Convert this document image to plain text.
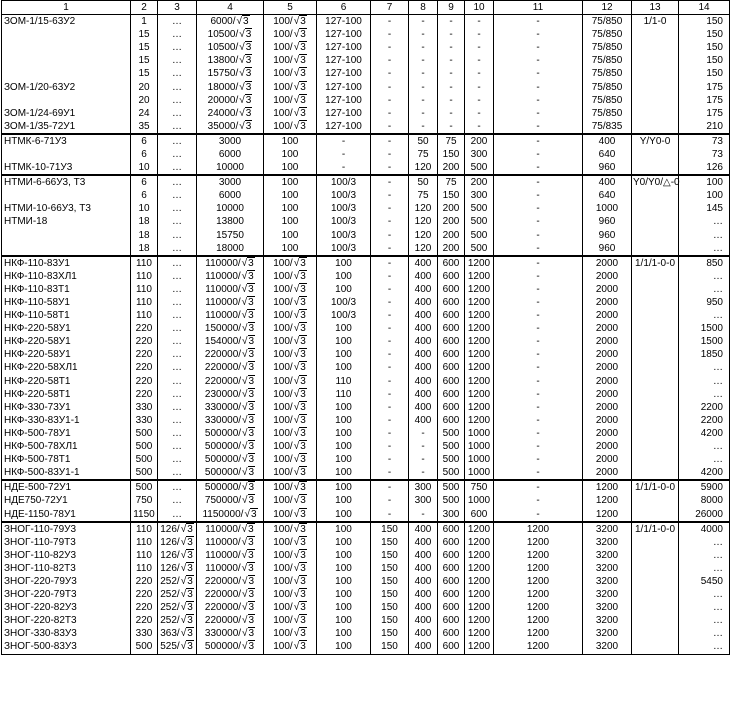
1	2	3	4	5	6	7	8	9	10	11	12	13	14
ЗОМ-1/15-63У2	1	…	6000/√3	100/√3	127-100	-	-	-	-	-	75/850	1/1-0	150
	15	…	10500/√3	100/√3	127-100	-	-	-	-	-	75/850		150
	15	…	10500/√3	100/√3	127-100	-	-	-	-	-	75/850		150
	15	…	13800/√3	100/√3	127-100	-	-	-	-	-	75/850		150
	15	…	15750/√3	100/√3	127-100	-	-	-	-	-	75/850		150
ЗОМ-1/20-63У2	20	…	18000/√3	100/√3	127-100	-	-	-	-	-	75/850		175
	20	…	20000/√3	100/√3	127-100	-	-	-	-	-	75/850		175
ЗОМ-1/24-69У1	24	…	24000/√3	100/√3	127-100	-	-	-	-	-	75/850		175
ЗОМ-1/35-72У1	35	…	35000/√3	100/√3	127-100	-	-	-	-	-	75/835		210
НТМК-6-71У3	6	…	3000	100	-	-	50	75	200	-	400	Y/Y0-0	73
	6	…	6000	100	-	-	75	150	300	-	640		73
НТМК-10-71У3	10	…	10000	100	-	-	120	200	500	-	960		126
НТМИ-6-66У3, Т3	6	…	3000	100	100/3	-	50	75	200	-	400	Y0/Y0/△-0	100
	6	…	6000	100	100/3	-	75	150	300	-	640		100
НТМИ-10-66У3, Т3	10	…	10000	100	100/3	-	120	200	500	-	1000		145
НТМИ-18	18	…	13800	100	100/3	-	120	200	500	-	960		…
	18	…	15750	100	100/3	-	120	200	500	-	960		…
	18	…	18000	100	100/3	-	120	200	500	-	960		…
НКФ-110-83У1	110	…	110000/√3	100/√3	100	-	400	600	1200	-	2000	1/1/1-0-0	850
НКФ-110-83ХЛ1	110	…	110000/√3	100/√3	100	-	400	600	1200	-	2000		…
НКФ-110-83Т1	110	…	110000/√3	100/√3	100	-	400	600	1200	-	2000		…
НКФ-110-58У1	110	…	110000/√3	100/√3	100/3	-	400	600	1200	-	2000		950
НКФ-110-58Т1	110	…	110000/√3	100/√3	100/3	-	400	600	1200	-	2000		…
НКФ-220-58У1	220	…	150000/√3	100/√3	100	-	400	600	1200	-	2000		1500
НКФ-220-58У1	220	…	154000/√3	100/√3	100	-	400	600	1200	-	2000		1500
НКФ-220-58У1	220	…	220000/√3	100/√3	100	-	400	600	1200	-	2000		1850
НКФ-220-58ХЛ1	220	…	220000/√3	100/√3	100	-	400	600	1200	-	2000		…
НКФ-220-58Т1	220	…	220000/√3	100/√3	110	-	400	600	1200	-	2000		…
НКФ-220-58Т1	220	…	230000/√3	100/√3	110	-	400	600	1200	-	2000		…
НКФ-330-73У1	330	…	330000/√3	100/√3	100	-	400	600	1200	-	2000		2200
НКФ-330-83У1-1	330	…	330000/√3	100/√3	100	-	400	600	1200	-	2000		2200
НКФ-500-78У1	500	…	500000/√3	100/√3	100	-	-	500	1000	-	2000		4200
НКФ-500-78ХЛ1	500	…	500000/√3	100/√3	100	-	-	500	1000	-	2000		…
НКФ-500-78Т1	500	…	500000/√3	100/√3	100	-	-	500	1000	-	2000		…
НКФ-500-83У1-1	500	…	500000/√3	100/√3	100	-	-	500	1000	-	2000		4200
НДЕ-500-72У1	500	…	500000/√3	100/√3	100	-	300	500	750	-	1200	1/1/1-0-0	5900
НДЕ750-72У1	750	…	750000/√3	100/√3	100	-	300	500	1000	-	1200		8000
НДЕ-1150-78У1	1150	…	1150000/√3	100/√3	100	-	-	300	600	-	1200		26000
ЗНОГ-110-79У3	110	126/√3	110000/√3	100/√3	100	150	400	600	1200	1200	3200	1/1/1-0-0	4000
ЗНОГ-110-79Т3	110	126/√3	110000/√3	100/√3	100	150	400	600	1200	1200	3200		…
ЗНОГ-110-82У3	110	126/√3	110000/√3	100/√3	100	150	400	600	1200	1200	3200		…
ЗНОГ-110-82Т3	110	126/√3	110000/√3	100/√3	100	150	400	600	1200	1200	3200		…
ЗНОГ-220-79У3	220	252/√3	220000/√3	100/√3	100	150	400	600	1200	1200	3200		5450
ЗНОГ-220-79Т3	220	252/√3	220000/√3	100/√3	100	150	400	600	1200	1200	3200		…
ЗНОГ-220-82У3	220	252/√3	220000/√3	100/√3	100	150	400	600	1200	1200	3200		…
ЗНОГ-220-82Т3	220	252/√3	220000/√3	100/√3	100	150	400	600	1200	1200	3200		…
ЗНОГ-330-83У3	330	363/√3	330000/√3	100/√3	100	150	400	600	1200	1200	3200		…
ЗНОГ-500-83У3	500	525/√3	500000/√3	100/√3	100	150	400	600	1200	1200	3200		…
